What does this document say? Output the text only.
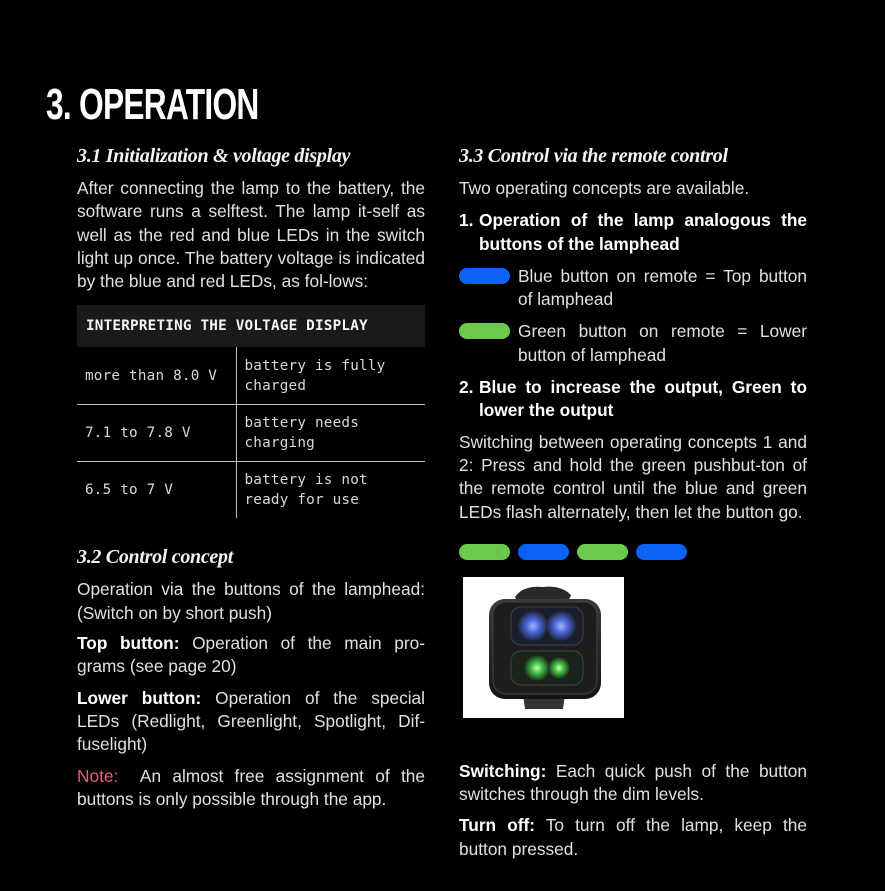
3. OPERATION
3.1 Initialization & voltage display

After connecting the lamp to the battery, the software runs a selftest. The lamp it-self as well as the red and blue LEDs in the switch light up once. The battery voltage is indicated by the blue and red LEDs, as fol-lows:

INTERPRETING THE VOLTAGE DISPLAY	
more than 8.0 V	battery is fully charged
7.1 to 7.8 V	battery needs charging
6.5 to 7 V	battery is not ready for use
3.2 Control concept

Operation via the buttons of the lamphead: (Switch on by short push)

Top button: Operation of the main pro-grams (see page 20)

Lower button: Operation of the special LEDs (Redlight, Greenlight, Spotlight, Dif-fuselight)

Note:  An almost free assignment of the buttons is only possible through the app.

3.3 Control via the remote control

Two operating concepts are available.

1. Operation of the lamp analogous the buttons of the lamphead

Blue button on remote = Top button of lamphead

Green button on remote = Lower button of lamphead

2. Blue to increase the output, Green to lower the output

Switching between operating concepts 1 and 2: Press and hold the green pushbut-ton of the remote control until the blue and green LEDs flash alternately, then let the button go.

Switching: Each quick push of the button switches through the dim levels.

Turn off: To turn off the lamp, keep the button pressed.
